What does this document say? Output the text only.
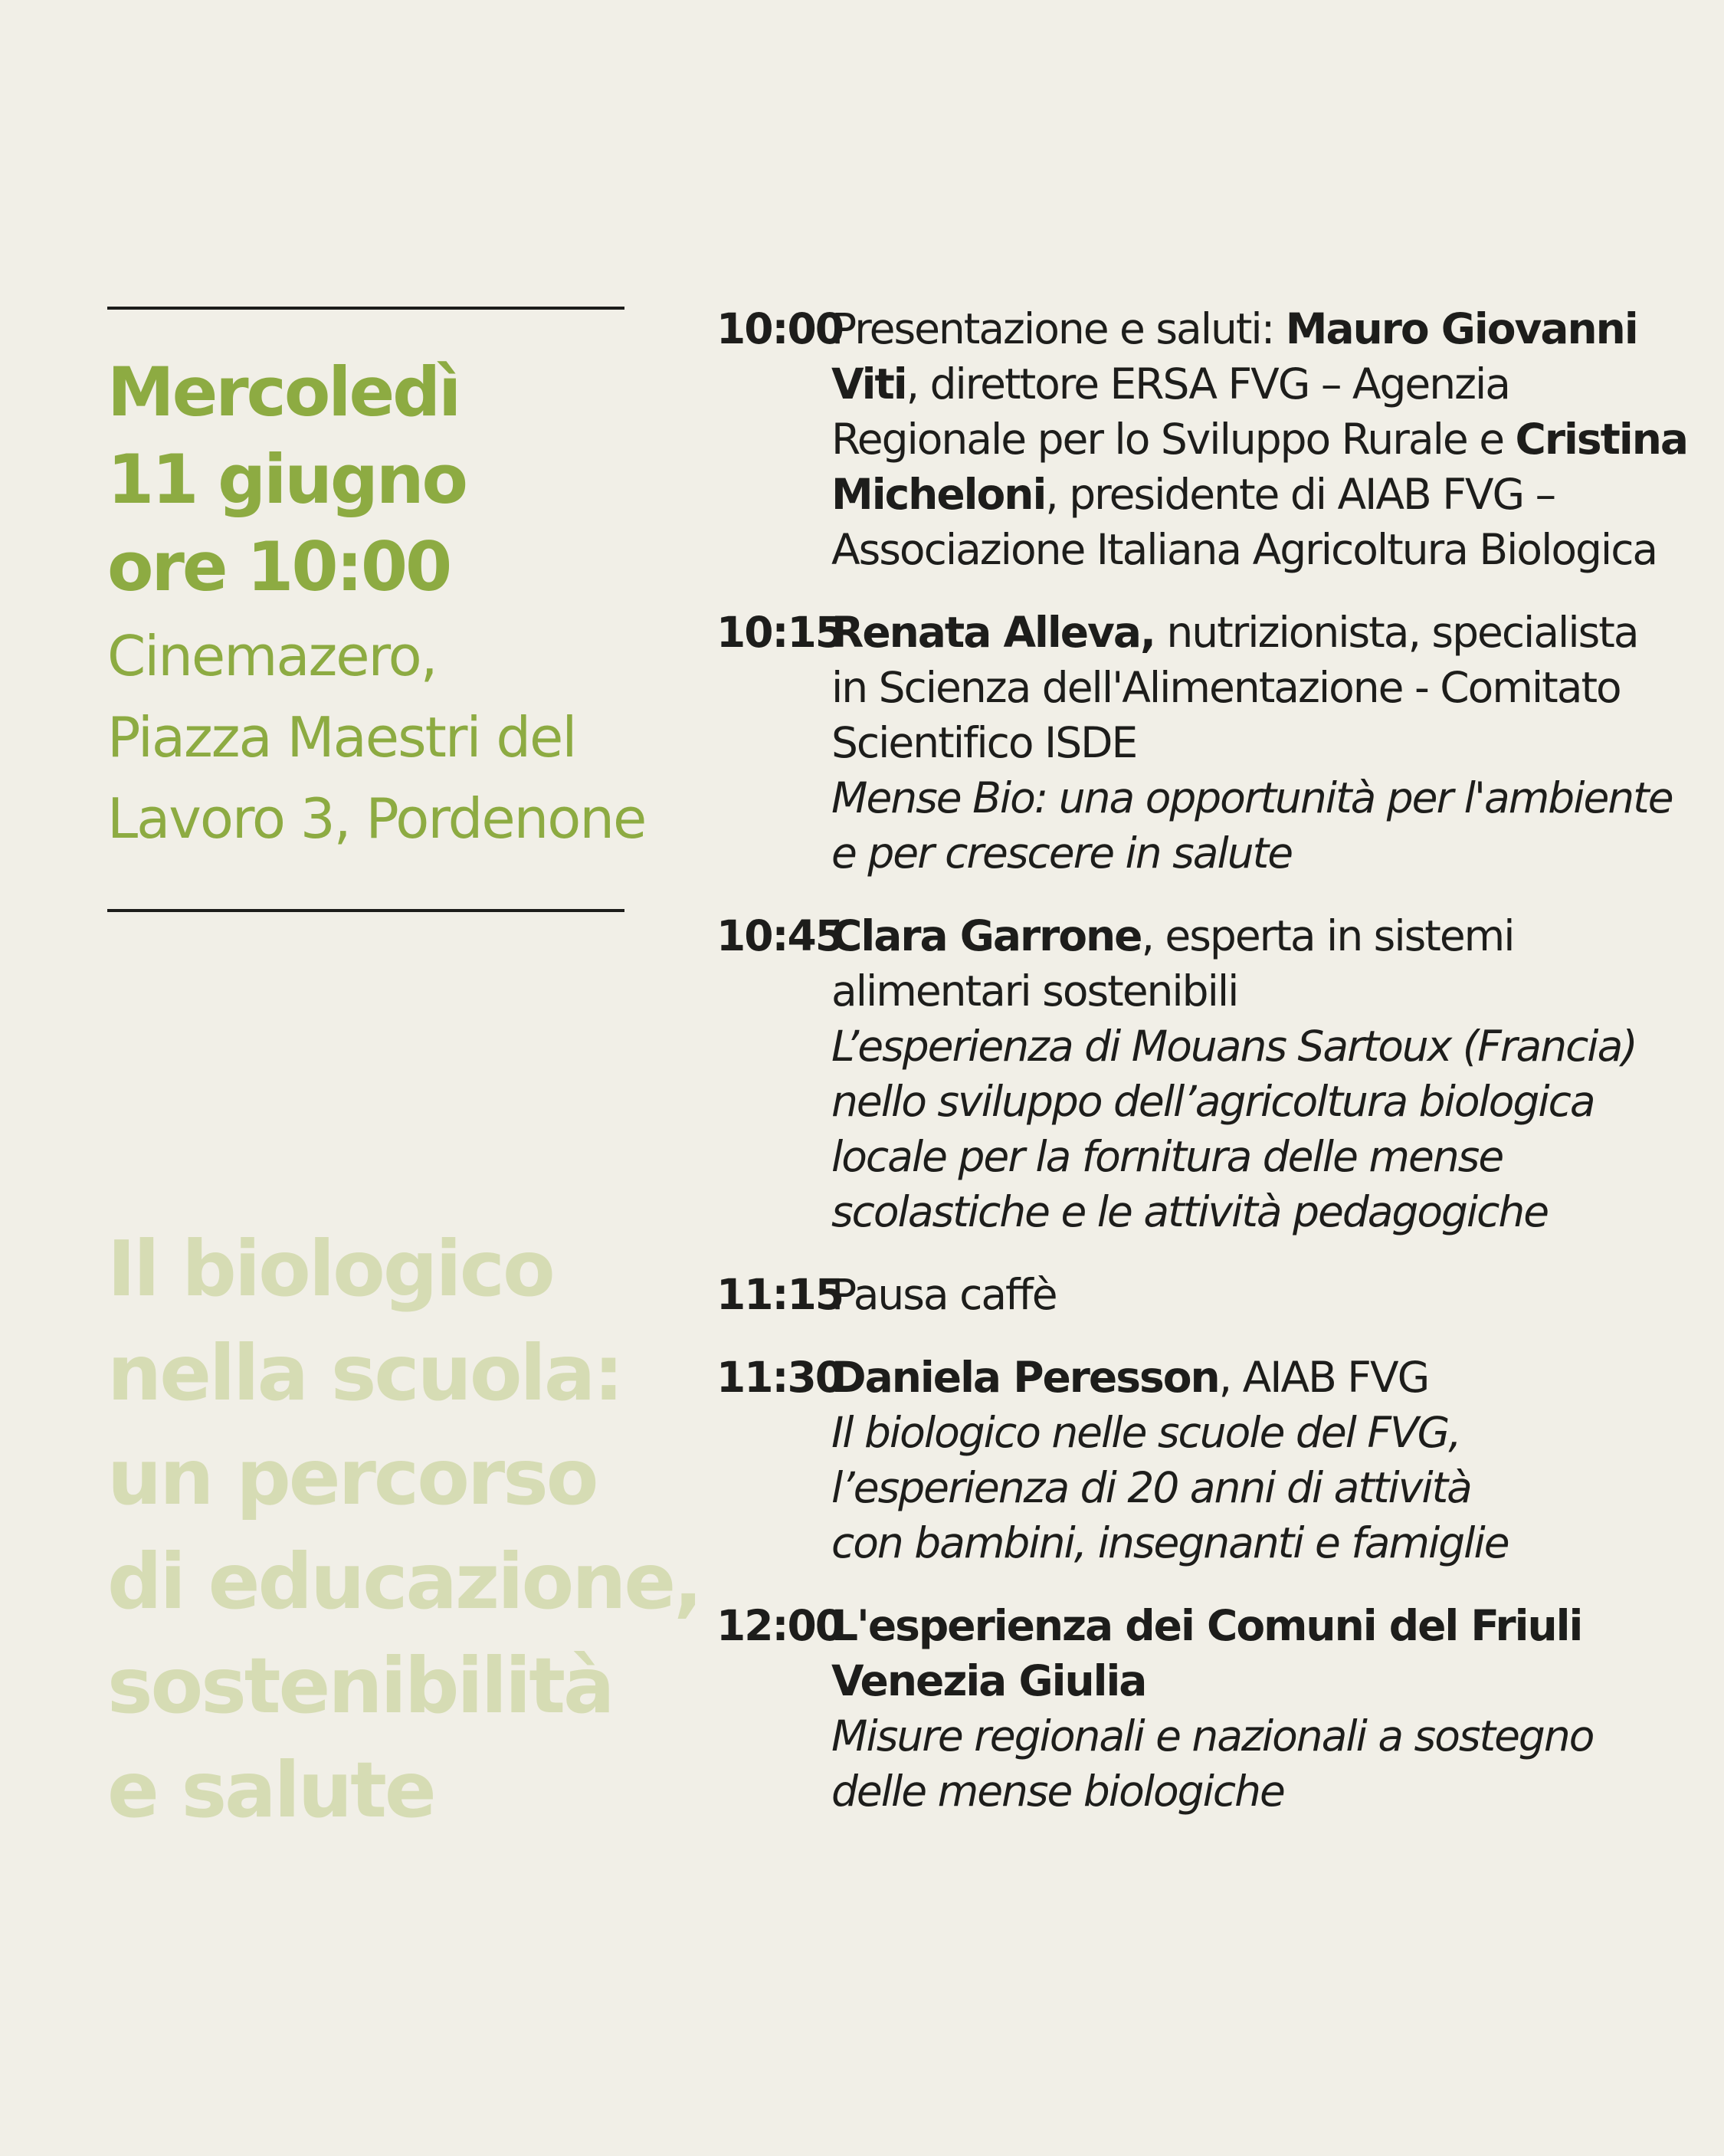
Mercoledì
11 giugno
ore 10:00
Cinemazero,
Piazza Maestri del
Lavoro 3, Pordenone
Il biologico
nella scuola:
un percorso
di educazione,
sostenibilità
e salute
10:00
Presentazione e saluti: Mauro Giovanni
Viti, direttore ERSA FVG – Agenzia
Regionale per lo Sviluppo Rurale e Cristina
Micheloni, presidente di AIAB FVG –
Associazione Italiana Agricoltura Biologica
10:15
Renata Alleva, nutrizionista, specialista
in Scienza dell'Alimentazione - Comitato
Scientifico ISDE
Mense Bio: una opportunità per l'ambiente
e per crescere in salute
10:45
Clara Garrone, esperta in sistemi
alimentari sostenibili
L’esperienza di Mouans Sartoux (Francia)
nello sviluppo dell’agricoltura biologica
locale per la fornitura delle mense
scolastiche e le attività pedagogiche
11:15
Pausa caffè
11:30
Daniela Peresson, AIAB FVG
Il biologico nelle scuole del FVG,
l’esperienza di 20 anni di attività
con bambini, insegnanti e famiglie
12:00
L'esperienza dei Comuni del Friuli
Venezia Giulia
Misure regionali e nazionali a sostegno
delle mense biologiche
